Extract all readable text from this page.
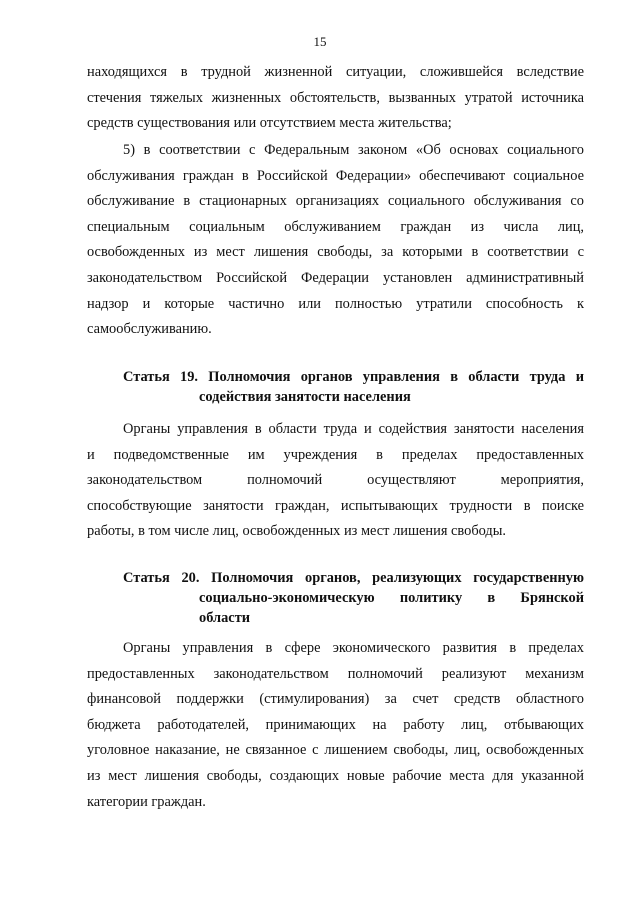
15
находящихся в трудной жизненной ситуации, сложившейся вследствие
стечения тяжелых жизненных обстоятельств, вызванных утратой источника
средств существования или отсутствием места жительства;
5) в соответствии с Федеральным законом «Об основах социального
обслуживания граждан в Российской Федерации» обеспечивают социальное
обслуживание в стационарных организациях социального обслуживания со
специальным социальным обслуживанием граждан из числа лиц,
освобожденных из мест лишения свободы, за которыми в соответствии с
законодательством Российской Федерации установлен административный
надзор и которые частично или полностью утратили способность к
самообслуживанию.
Статья 19. Полномочия органов управления в области труда и
содействия занятости населения
Органы управления в области труда и содействия занятости населения
и подведомственные им учреждения в пределах предоставленных
законодательством полномочий осуществляют мероприятия,
способствующие занятости граждан, испытывающих трудности в поиске
работы, в том числе лиц, освобожденных из мест лишения свободы.
Статья 20. Полномочия органов, реализующих государственную
социально-экономическую политику в Брянской
области
Органы управления в сфере экономического развития в пределах
предоставленных законодательством полномочий реализуют механизм
финансовой поддержки (стимулирования) за счет средств областного
бюджета работодателей, принимающих на работу лиц, отбывающих
уголовное наказание, не связанное с лишением свободы, лиц, освобожденных
из мест лишения свободы, создающих новые рабочие места для указанной
категории граждан.
